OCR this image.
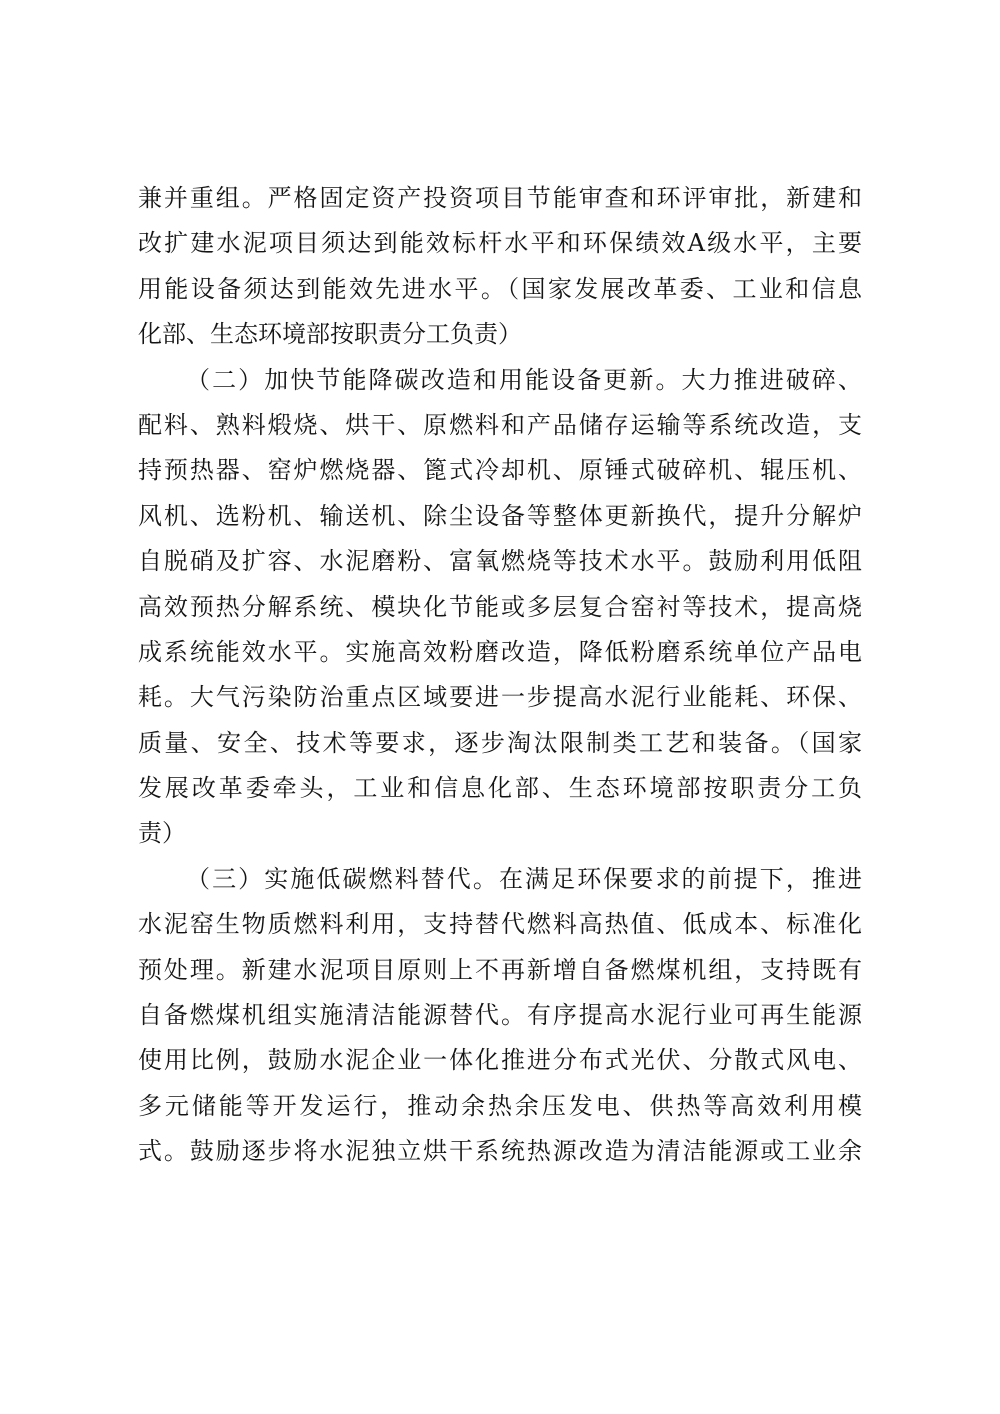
兼并重组。严格固定资产投资项目节能审查和环评审批，新建和
改扩建水泥项目须达到能效标杆水平和环保绩效A级水平，主要
用能设备须达到能效先进水平。（国家发展改革委、工业和信息
化部、生态环境部按职责分工负责）
（二）加快节能降碳改造和用能设备更新。大力推进破碎、
配料、熟料煅烧、烘干、原燃料和产品储存运输等系统改造，支
持预热器、窑炉燃烧器、篦式冷却机、原锤式破碎机、辊压机、
风机、选粉机、输送机、除尘设备等整体更新换代，提升分解炉
自脱硝及扩容、水泥磨粉、富氧燃烧等技术水平。鼓励利用低阻
高效预热分解系统、模块化节能或多层复合窑衬等技术，提高烧
成系统能效水平。实施高效粉磨改造，降低粉磨系统单位产品电
耗。大气污染防治重点区域要进一步提高水泥行业能耗、环保、
质量、安全、技术等要求，逐步淘汰限制类工艺和装备。（国家
发展改革委牵头，工业和信息化部、生态环境部按职责分工负
责）
（三）实施低碳燃料替代。在满足环保要求的前提下，推进
水泥窑生物质燃料利用，支持替代燃料高热值、低成本、标准化
预处理。新建水泥项目原则上不再新增自备燃煤机组，支持既有
自备燃煤机组实施清洁能源替代。有序提高水泥行业可再生能源
使用比例，鼓励水泥企业一体化推进分布式光伏、分散式风电、
多元储能等开发运行，推动余热余压发电、供热等高效利用模
式。鼓励逐步将水泥独立烘干系统热源改造为清洁能源或工业余
